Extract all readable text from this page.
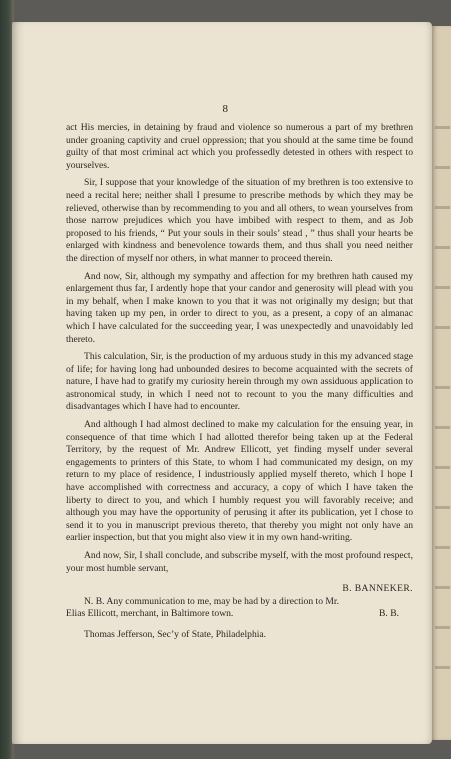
8

act His mercies, in detaining by fraud and violence so numerous a part of my brethren under groaning captivity and cruel oppression; that you should at the same time be found guilty of that most criminal act which you professedly detested in others with respect to yourselves.

Sir, I suppose that your knowledge of the situation of my brethren is too extensive to need a recital here; neither shall I presume to prescribe methods by which they may be relieved, otherwise than by recommending to you and all others, to wean yourselves from those narrow prejudices which you have imbibed with respect to them, and as Job proposed to his friends, “ Put your souls in their souls’ stead , ” thus shall your hearts be enlarged with kindness and benevolence towards them, and thus shall you need neither the direction of myself nor others, in what manner to proceed therein.

And now, Sir, although my sympathy and affection for my brethren hath caused my enlargement thus far, I ardently hope that your candor and generosity will plead with you in my behalf, when I make known to you that it was not originally my design; but that having taken up my pen, in order to direct to you, as a present, a copy of an almanac which I have calculated for the succeeding year, I was unexpectedly and unavoidably led thereto.

This calculation, Sir, is the production of my arduous study in this my advanced stage of life; for having long had unbounded desires to become acquainted with the secrets of nature, I have had to gratify my curiosity herein through my own assiduous application to astronomical study, in which I need not to recount to you the many difficulties and disadvantages which I have had to encounter.

And although I had almost declined to make my calculation for the ensuing year, in consequence of that time which I had allotted therefor being taken up at the Federal Territory, by the request of Mr. Andrew Ellicott, yet finding myself under several engagements to printers of this State, to whom I had communicated my design, on my return to my place of residence, I industriously applied myself thereto, which I hope I have accomplished with correctness and accuracy, a copy of which I have taken the liberty to direct to you, and which I humbly request you will favorably receive; and although you may have the opportunity of perusing it after its publication, yet I chose to send it to you in manuscript previous thereto, that thereby you might not only have an earlier inspection, but that you might also view it in my own hand-writing.

And now, Sir, I shall conclude, and subscribe myself, with the most profound respect, your most humble servant,

B. BANNEKER.
N. B. Any communication to me, may be had by a direction to Mr.
Elias Ellicott, merchant, in Baltimore town.	B. B.
Thomas Jefferson, Sec’y of State, Philadelphia.
